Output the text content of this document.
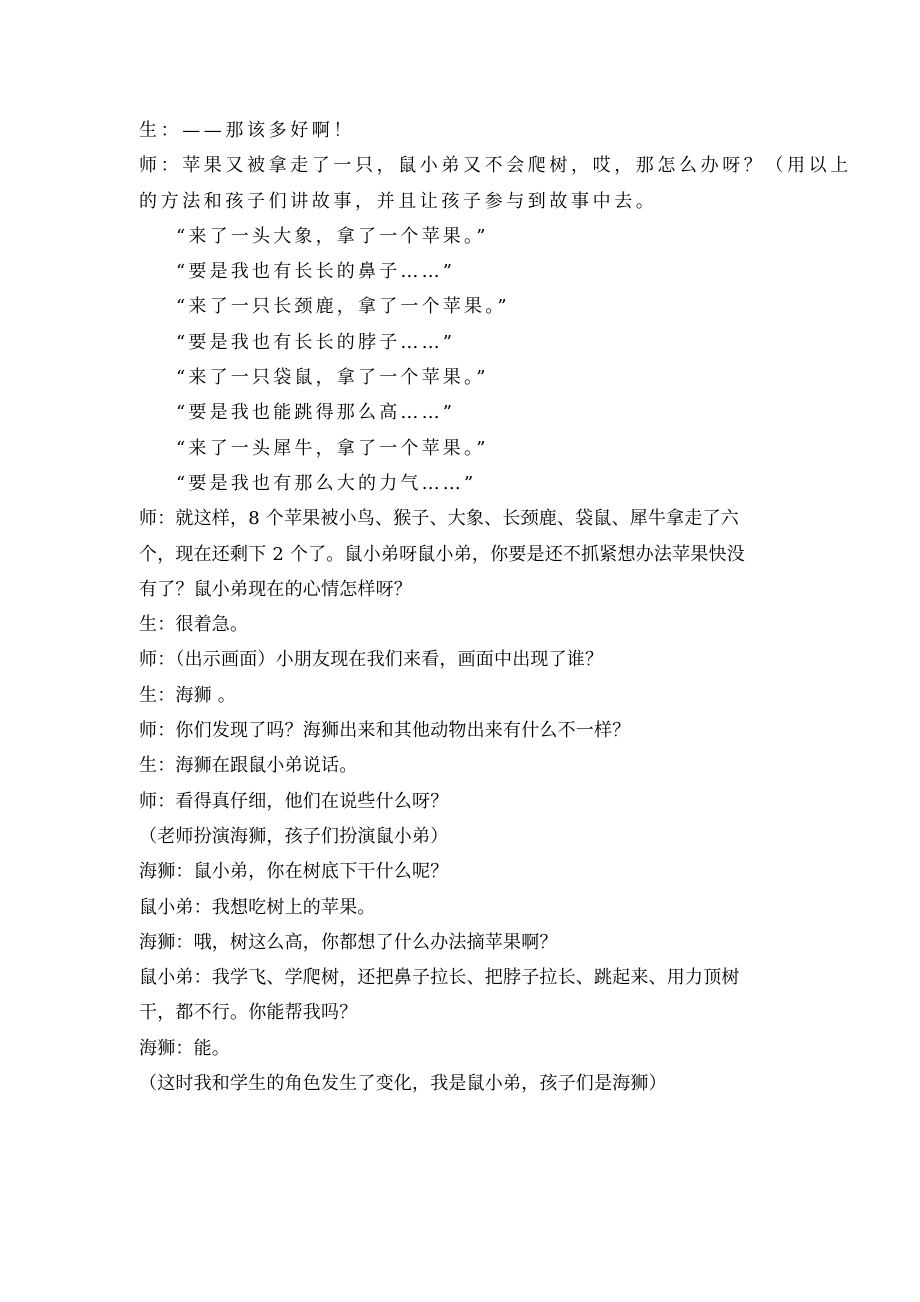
生：——那该多好啊！
师：苹果又被拿走了一只，鼠小弟又不会爬树，哎，那怎么办呀？（用以上
的方法和孩子们讲故事，并且让孩子参与到故事中去。
“来了一头大象，拿了一个苹果。”
“要是我也有长长的鼻子……”
“来了一只长颈鹿，拿了一个苹果。”
“要是我也有长长的脖子……”
“来了一只袋鼠，拿了一个苹果。”
“要是我也能跳得那么高……”
“来了一头犀牛，拿了一个苹果。”
“要是我也有那么大的力气……”
师：就这样，8 个苹果被小鸟、猴子、大象、长颈鹿、袋鼠、犀牛拿走了六
个，现在还剩下 2 个了。鼠小弟呀鼠小弟，你要是还不抓紧想办法苹果快没
有了？鼠小弟现在的心情怎样呀？
生：很着急。
师：（出示画面）小朋友现在我们来看，画面中出现了谁？
生：海狮 。
师：你们发现了吗？海狮出来和其他动物出来有什么不一样？
生：海狮在跟鼠小弟说话。
师：看得真仔细，他们在说些什么呀？
（老师扮演海狮，孩子们扮演鼠小弟）
海狮：鼠小弟，你在树底下干什么呢？
鼠小弟：我想吃树上的苹果。
海狮：哦，树这么高，你都想了什么办法摘苹果啊？
鼠小弟：我学飞、学爬树，还把鼻子拉长、把脖子拉长、跳起来、用力顶树
干，都不行。你能帮我吗？
海狮：能。
（这时我和学生的角色发生了变化，我是鼠小弟，孩子们是海狮）
